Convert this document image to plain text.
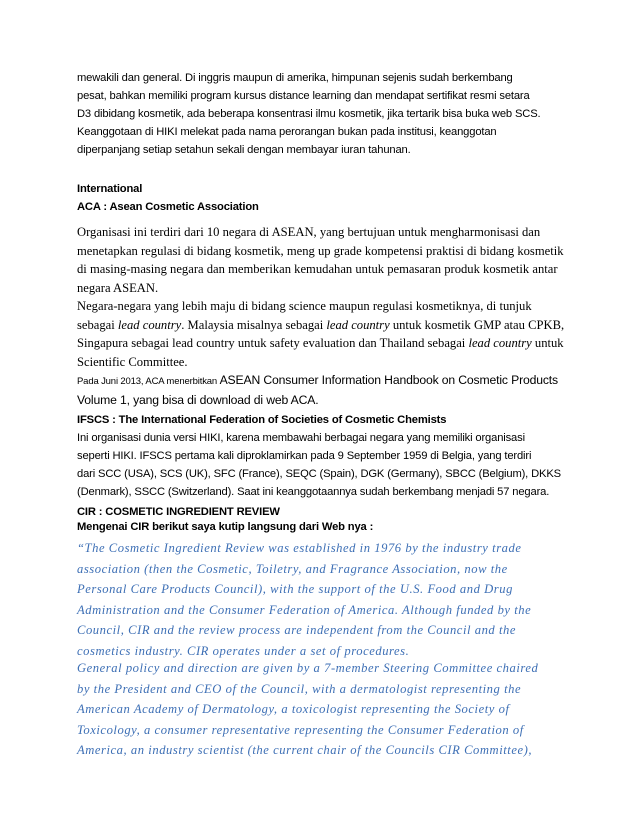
mewakili dan general. Di inggris maupun di amerika, himpunan sejenis sudah berkembang
pesat, bahkan memiliki program kursus distance learning dan mendapat sertifikat resmi setara
D3 dibidang kosmetik, ada beberapa konsentrasi ilmu kosmetik, jika tertarik bisa buka web SCS.
Keanggotaan di HIKI melekat pada nama perorangan bukan pada institusi, keanggotan
diperpanjang setiap setahun sekali dengan membayar iuran tahunan.
International
ACA : Asean Cosmetic Association
Organisasi ini terdiri dari 10 negara di ASEAN, yang bertujuan untuk mengharmonisasi dan
menetapkan regulasi di bidang kosmetik, meng up grade kompetensi praktisi di bidang kosmetik
di masing-masing negara dan memberikan kemudahan untuk pemasaran produk kosmetik antar
negara ASEAN.
Negara-negara yang lebih maju di bidang science maupun regulasi kosmetiknya, di tunjuk
sebagai lead country. Malaysia misalnya sebagai lead country untuk kosmetik GMP atau CPKB,
Singapura sebagai lead country untuk safety evaluation dan Thailand sebagai lead country untuk
Scientific Committee.
Pada Juni 2013, ACA menerbitkan ASEAN Consumer Information Handbook on Cosmetic Products
Volume 1, yang bisa di download di web ACA.
IFSCS : The International Federation of Societies of Cosmetic Chemists
Ini organisasi dunia versi HIKI, karena membawahi berbagai negara yang memiliki organisasi
seperti HIKI. IFSCS pertama kali diproklamirkan pada 9 September 1959 di Belgia, yang terdiri
dari SCC (USA), SCS (UK), SFC (France), SEQC (Spain), DGK (Germany), SBCC (Belgium), DKKS
(Denmark), SSCC (Switzerland). Saat ini keanggotaannya sudah berkembang menjadi 57 negara.
CIR : COSMETIC INGREDIENT REVIEW
Mengenai CIR berikut saya kutip langsung dari Web nya :
“The Cosmetic Ingredient Review was established in 1976 by the industry trade
association (then the Cosmetic, Toiletry, and Fragrance Association, now the
Personal Care Products Council), with the support of the U.S. Food and Drug
Administration and the Consumer Federation of America. Although funded by the
Council, CIR and the review process are independent from the Council and the
cosmetics industry. CIR operates under a set of procedures.
General policy and direction are given by a 7-member Steering Committee chaired
by the President and CEO of the Council, with a dermatologist representing the
American Academy of Dermatology, a toxicologist representing the Society of
Toxicology, a consumer representative representing the Consumer Federation of
America, an industry scientist (the current chair of the Councils CIR Committee),
